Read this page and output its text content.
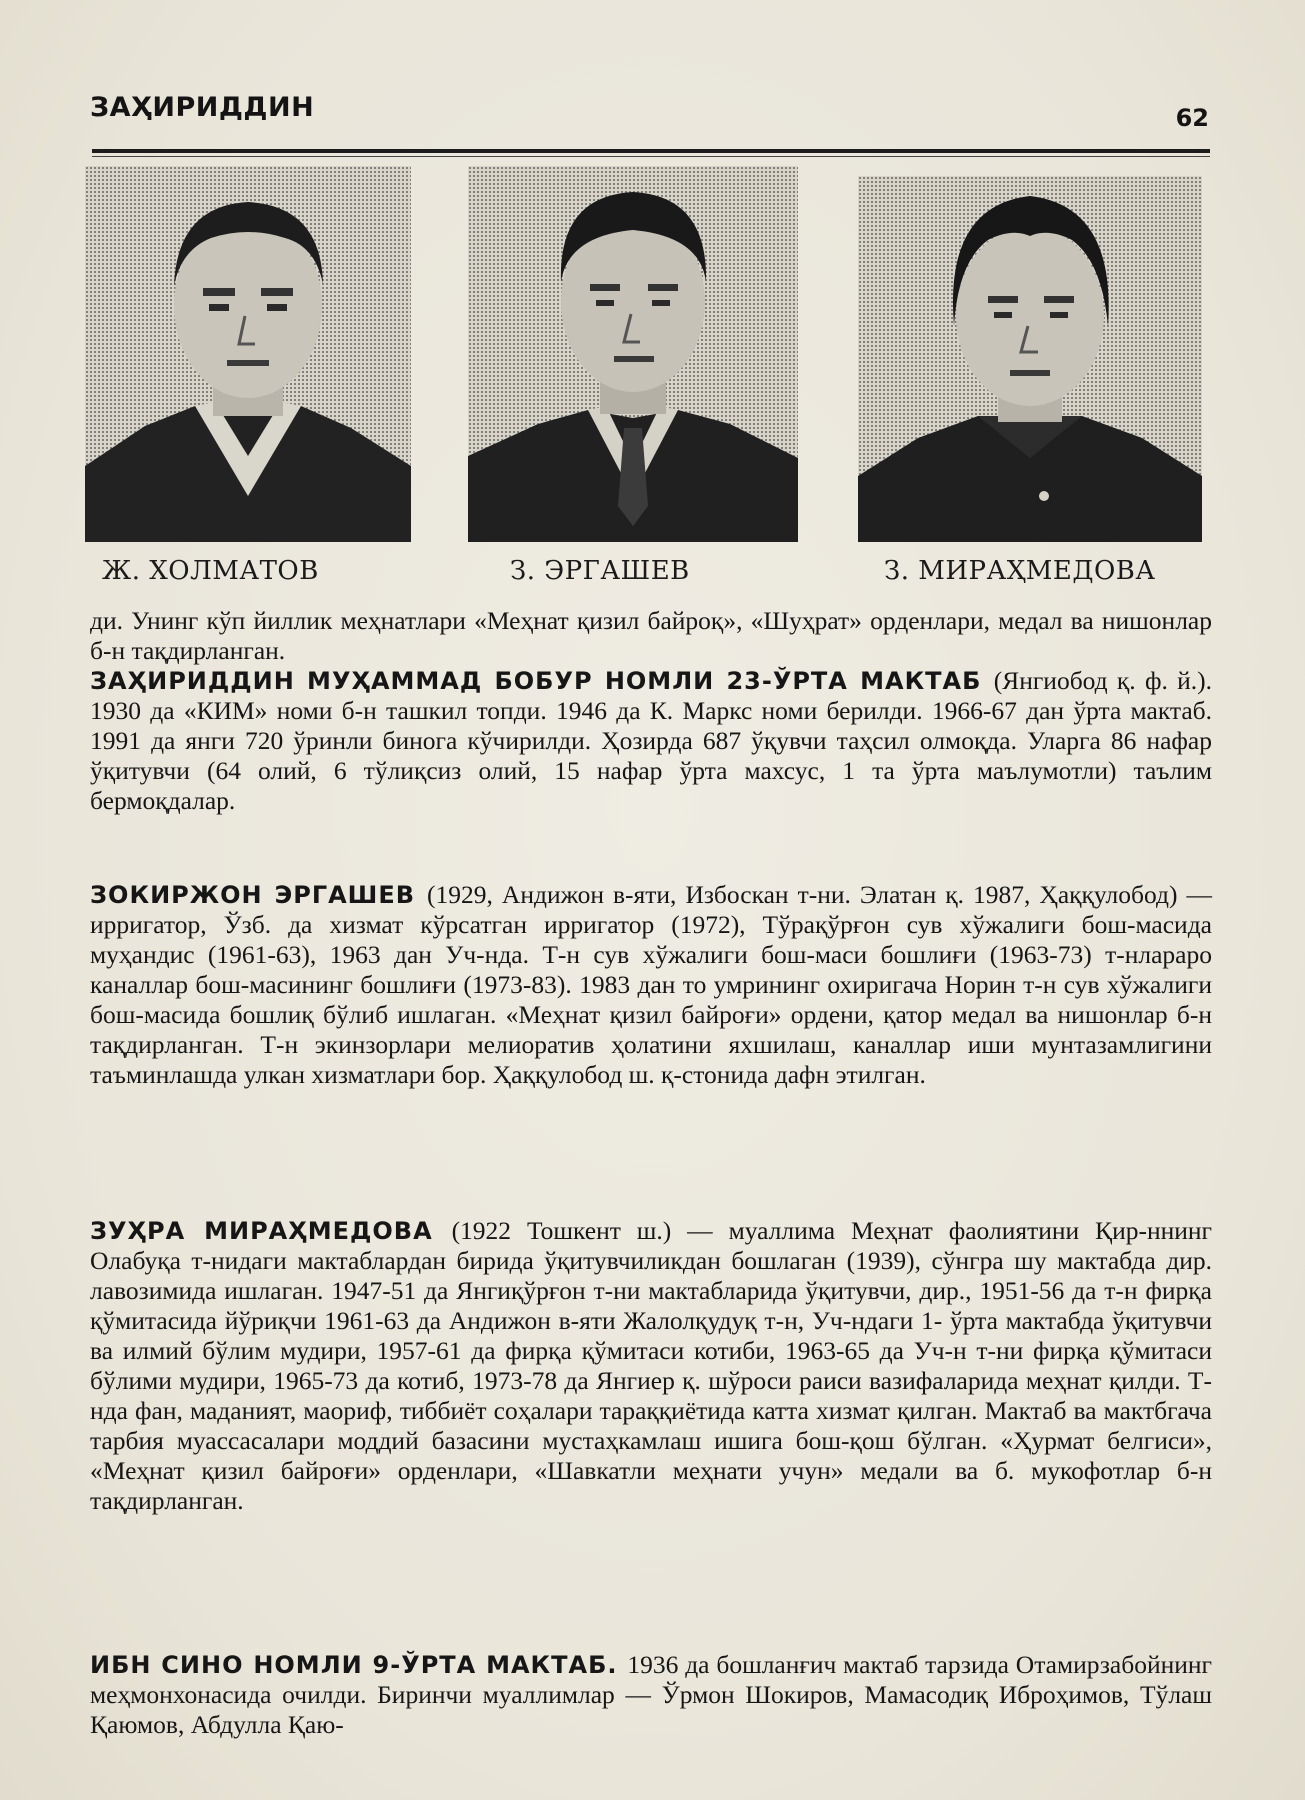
ЗАҲИРИДДИН	62
Ж. ХОЛМАТОВ	З. ЭРГАШЕВ	З. МИРАҲМЕДОВА
ди. Унинг кўп йиллик меҳнатлари «Меҳнат қизил байроқ», «Шуҳрат» орденлари, медал ва нишонлар б-н тақдирланган.
ЗАҲИРИДДИН МУҲАММАД БОБУР НОМЛИ 23-ЎРТА МАКТАБ (Янгиобод қ. ф. й.). 1930 да «КИМ» номи б-н ташкил топди. 1946 да К. Маркс номи берилди. 1966-67 дан ўрта мактаб. 1991 да янги 720 ўринли бинога кўчирилди. Ҳозирда 687 ўқувчи таҳсил олмоқда. Уларга 86 нафар ўқитувчи (64 олий, 6 тўлиқсиз олий, 15 нафар ўрта махсус, 1 та ўрта маълумотли) таълим бермоқдалар.
ЗОКИРЖОН ЭРГАШЕВ (1929, Андижон в-яти, Избоскан т-ни. Элатан қ. 1987, Ҳаққулобод) — ирригатор, Ўзб. да хизмат кўрсатган ирригатор (1972), Тўрақўрғон сув хўжалиги бош-масида муҳандис (1961-63), 1963 дан Уч-нда. Т-н сув хўжалиги бош-маси бошлиғи (1963-73) т-нлараро каналлар бош-масининг бошлиғи (1973-83). 1983 дан то умрининг охиригача Норин т-н сув хўжалиги бош-масида бошлиқ бўлиб ишлаган. «Меҳнат қизил байроғи» ордени, қатор медал ва нишонлар б-н тақдирланган. Т-н экинзорлари мелиоратив ҳолатини яхшилаш, каналлар иши мунтазамлигини таъминлашда улкан хизматлари бор. Ҳаққулобод ш. қ-стонида дафн этилган.
ЗУҲРА МИРАҲМЕДОВА (1922 Тошкент ш.) — муаллима Меҳнат фаолиятини Қир-ннинг Олабуқа т-нидаги мактаблардан бирида ўқитувчиликдан бошлаган (1939), сўнгра шу мактабда дир. лавозимида ишлаган. 1947-51 да Янгиқўрғон т-ни мактабларида ўқитувчи, дир., 1951-56 да т-н фирқа қўмитасида йўриқчи 1961-63 да Андижон в-яти Жалолқудуқ т-н, Уч-ндаги 1- ўрта мактабда ўқитувчи ва илмий бўлим мудири, 1957-61 да фирқа қўмитаси котиби, 1963-65 да Уч-н т-ни фирқа қўмитаси бўлими мудири, 1965-73 да котиб, 1973-78 да Янгиер қ. шўроси раиси вазифаларида меҳнат қилди. Т-нда фан, маданият, маориф, тиббиёт соҳалари тараққиётида катта хизмат қилган. Мактаб ва мактбгача тарбия муассасалари моддий базасини мустаҳкамлаш ишига бош-қош бўлган. «Ҳурмат белгиси», «Меҳнат қизил байроғи» орденлари, «Шавкатли меҳнати учун» медали ва б. мукофотлар б-н тақдирланган.
ИБН СИНО НОМЛИ 9-ЎРТА МАКТАБ. 1936 да бошланғич мактаб тарзида Отамирзабойнинг меҳмонхонасида очилди. Биринчи муаллимлар — Ўрмон Шокиров, Мамасодиқ Иброҳимов, Тўлаш Қаюмов, Абдулла Қаю-
